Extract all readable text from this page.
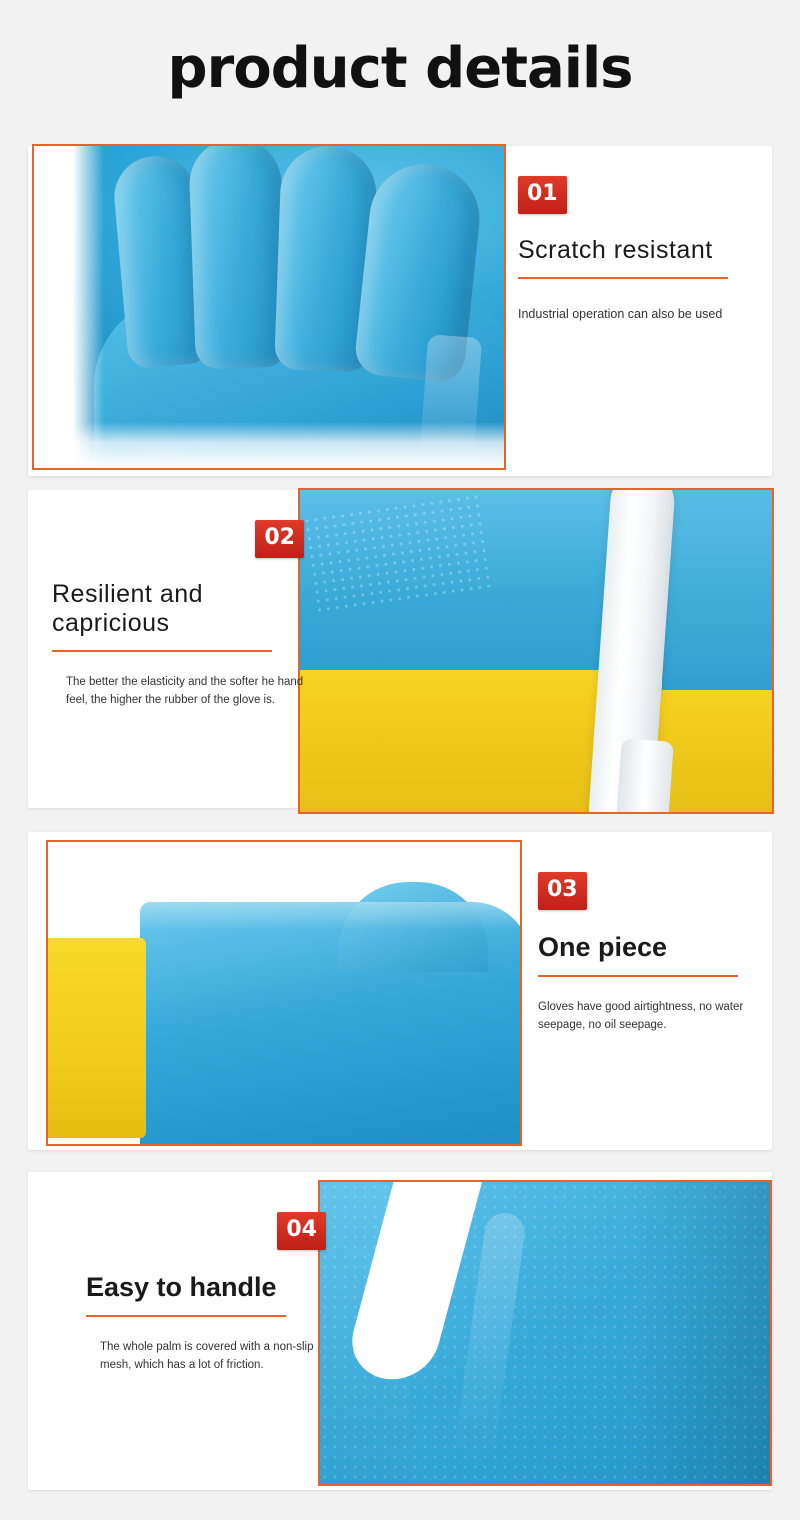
product details
01
Scratch resistant
Industrial operation can also be used
02
Resilient and capricious
The better the elasticity and the softer he hand feel, the higher the rubber of the glove is.
03
One piece
Gloves have good airtightness, no water seepage, no oil seepage.
04
Easy to handle
The whole palm is covered with a non-slip mesh, which has a lot of friction.
